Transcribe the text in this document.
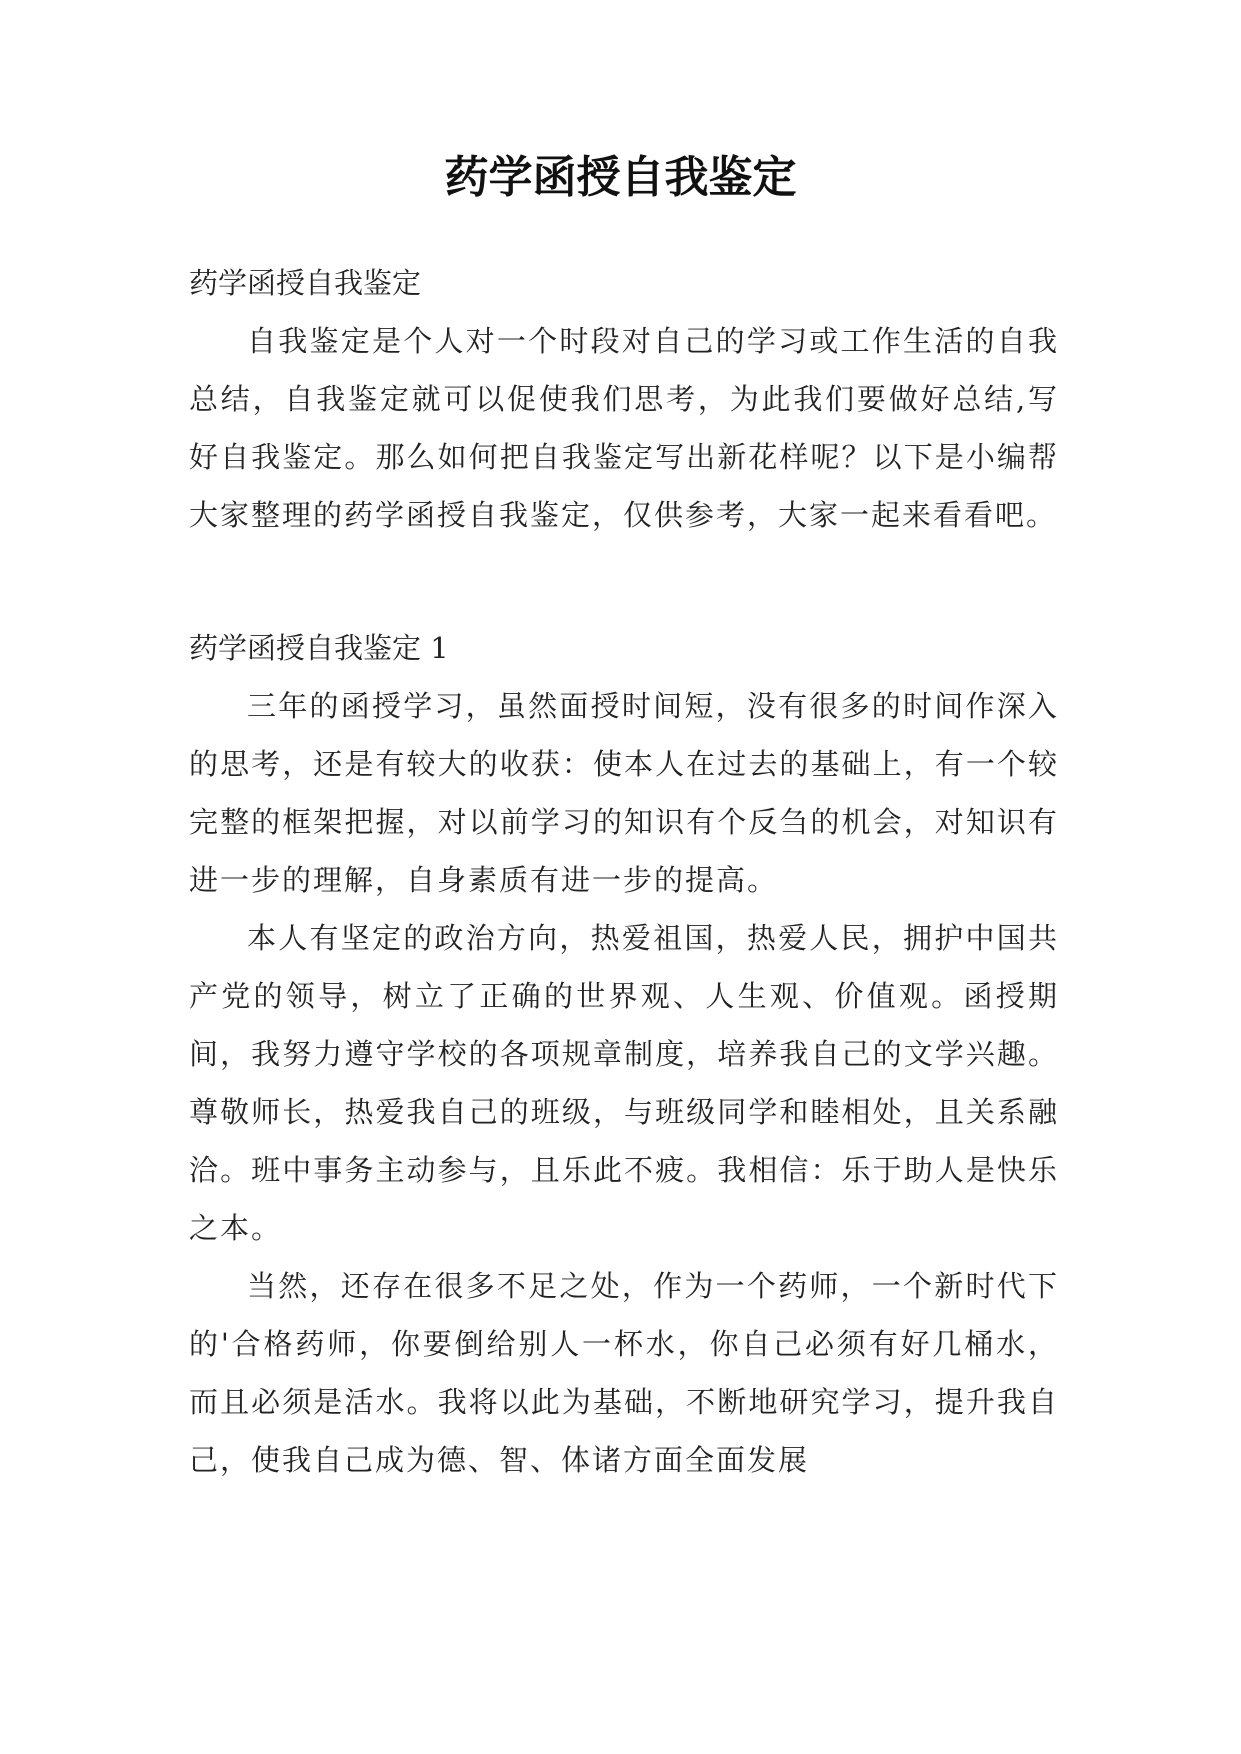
药学函授自我鉴定
药学函授自我鉴定

自我鉴定是个人对一个时段对自己的学习或工作生活的自我总结，自我鉴定就可以促使我们思考，为此我们要做好总结,写好自我鉴定。那么如何把自我鉴定写出新花样呢？以下是小编帮大家整理的药学函授自我鉴定，仅供参考，大家一起来看看吧。

药学函授自我鉴定 1

三年的函授学习，虽然面授时间短，没有很多的时间作深入的思考，还是有较大的收获：使本人在过去的基础上，有一个较完整的框架把握，对以前学习的知识有个反刍的机会，对知识有进一步的理解，自身素质有进一步的提高。

本人有坚定的政治方向，热爱祖国，热爱人民，拥护中国共产党的领导，树立了正确的世界观、人生观、价值观。函授期间，我努力遵守学校的各项规章制度，培养我自己的文学兴趣。尊敬师长，热爱我自己的班级，与班级同学和睦相处，且关系融洽。班中事务主动参与，且乐此不疲。我相信：乐于助人是快乐之本。

当然，还存在很多不足之处，作为一个药师，一个新时代下的'合格药师，你要倒给别人一杯水，你自己必须有好几桶水，而且必须是活水。我将以此为基础，不断地研究学习，提升我自己，使我自己成为德、智、体诸方面全面发展
